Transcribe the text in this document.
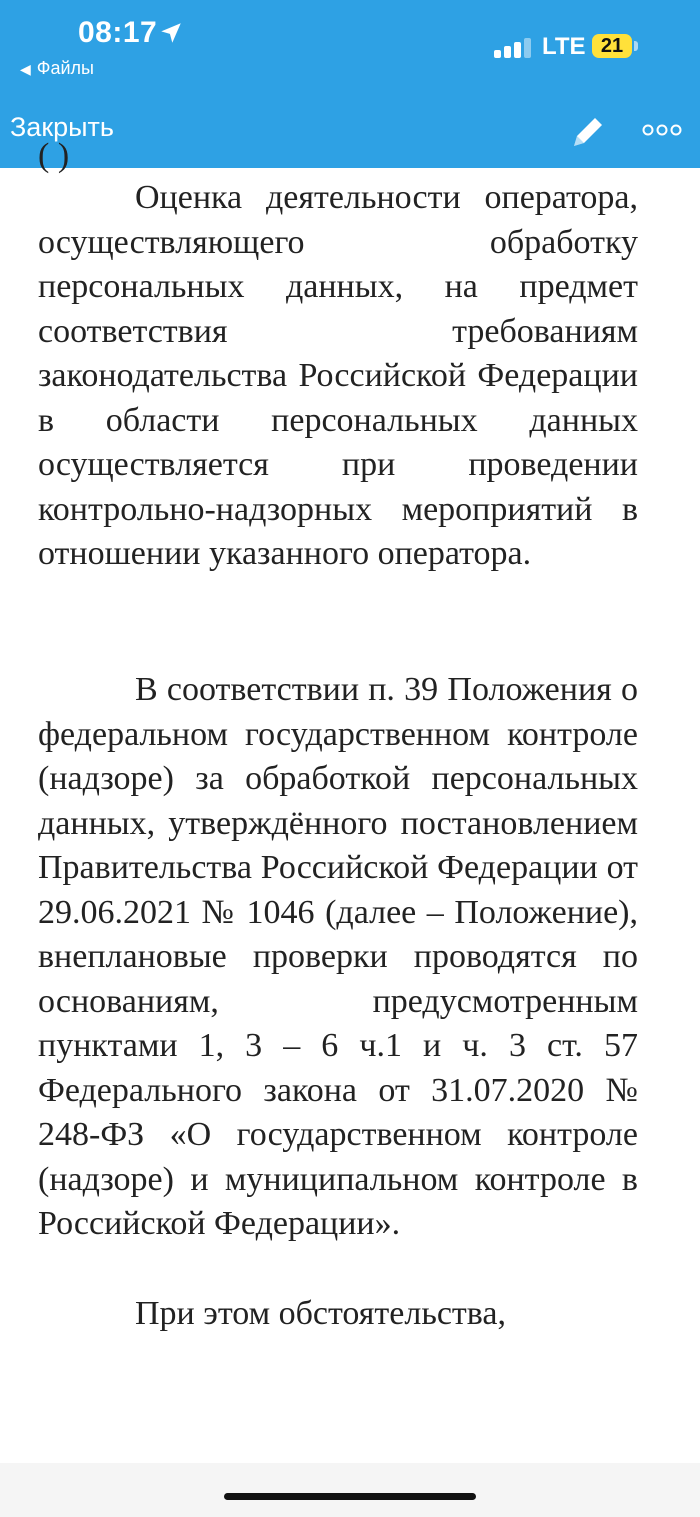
08:17
◀ Файлы
LTE 21
Закрыть
( )

Оценка деятельности оператора, осуществляющего обработку персональных данных, на предмет соответствия требованиям законодательства Российской Федерации в области персональных данных осуществляется при проведении контрольно-надзорных мероприятий в отношении указанного оператора.

В соответствии п. 39 Положения о федеральном государственном контроле (надзоре) за обработкой персональных данных, утверждённого постановлением Правительства Российской Федерации от 29.06.2021 № 1046 (далее – Положение), внеплановые проверки проводятся по основаниям, предусмотренным пунктами 1, 3 – 6 ч.1 и ч. 3 ст. 57 Федерального закона от 31.07.2020 № 248-ФЗ «О государственном контроле (надзоре) и муниципальном контроле в Российской Федерации».

При этом обстоятельства,
